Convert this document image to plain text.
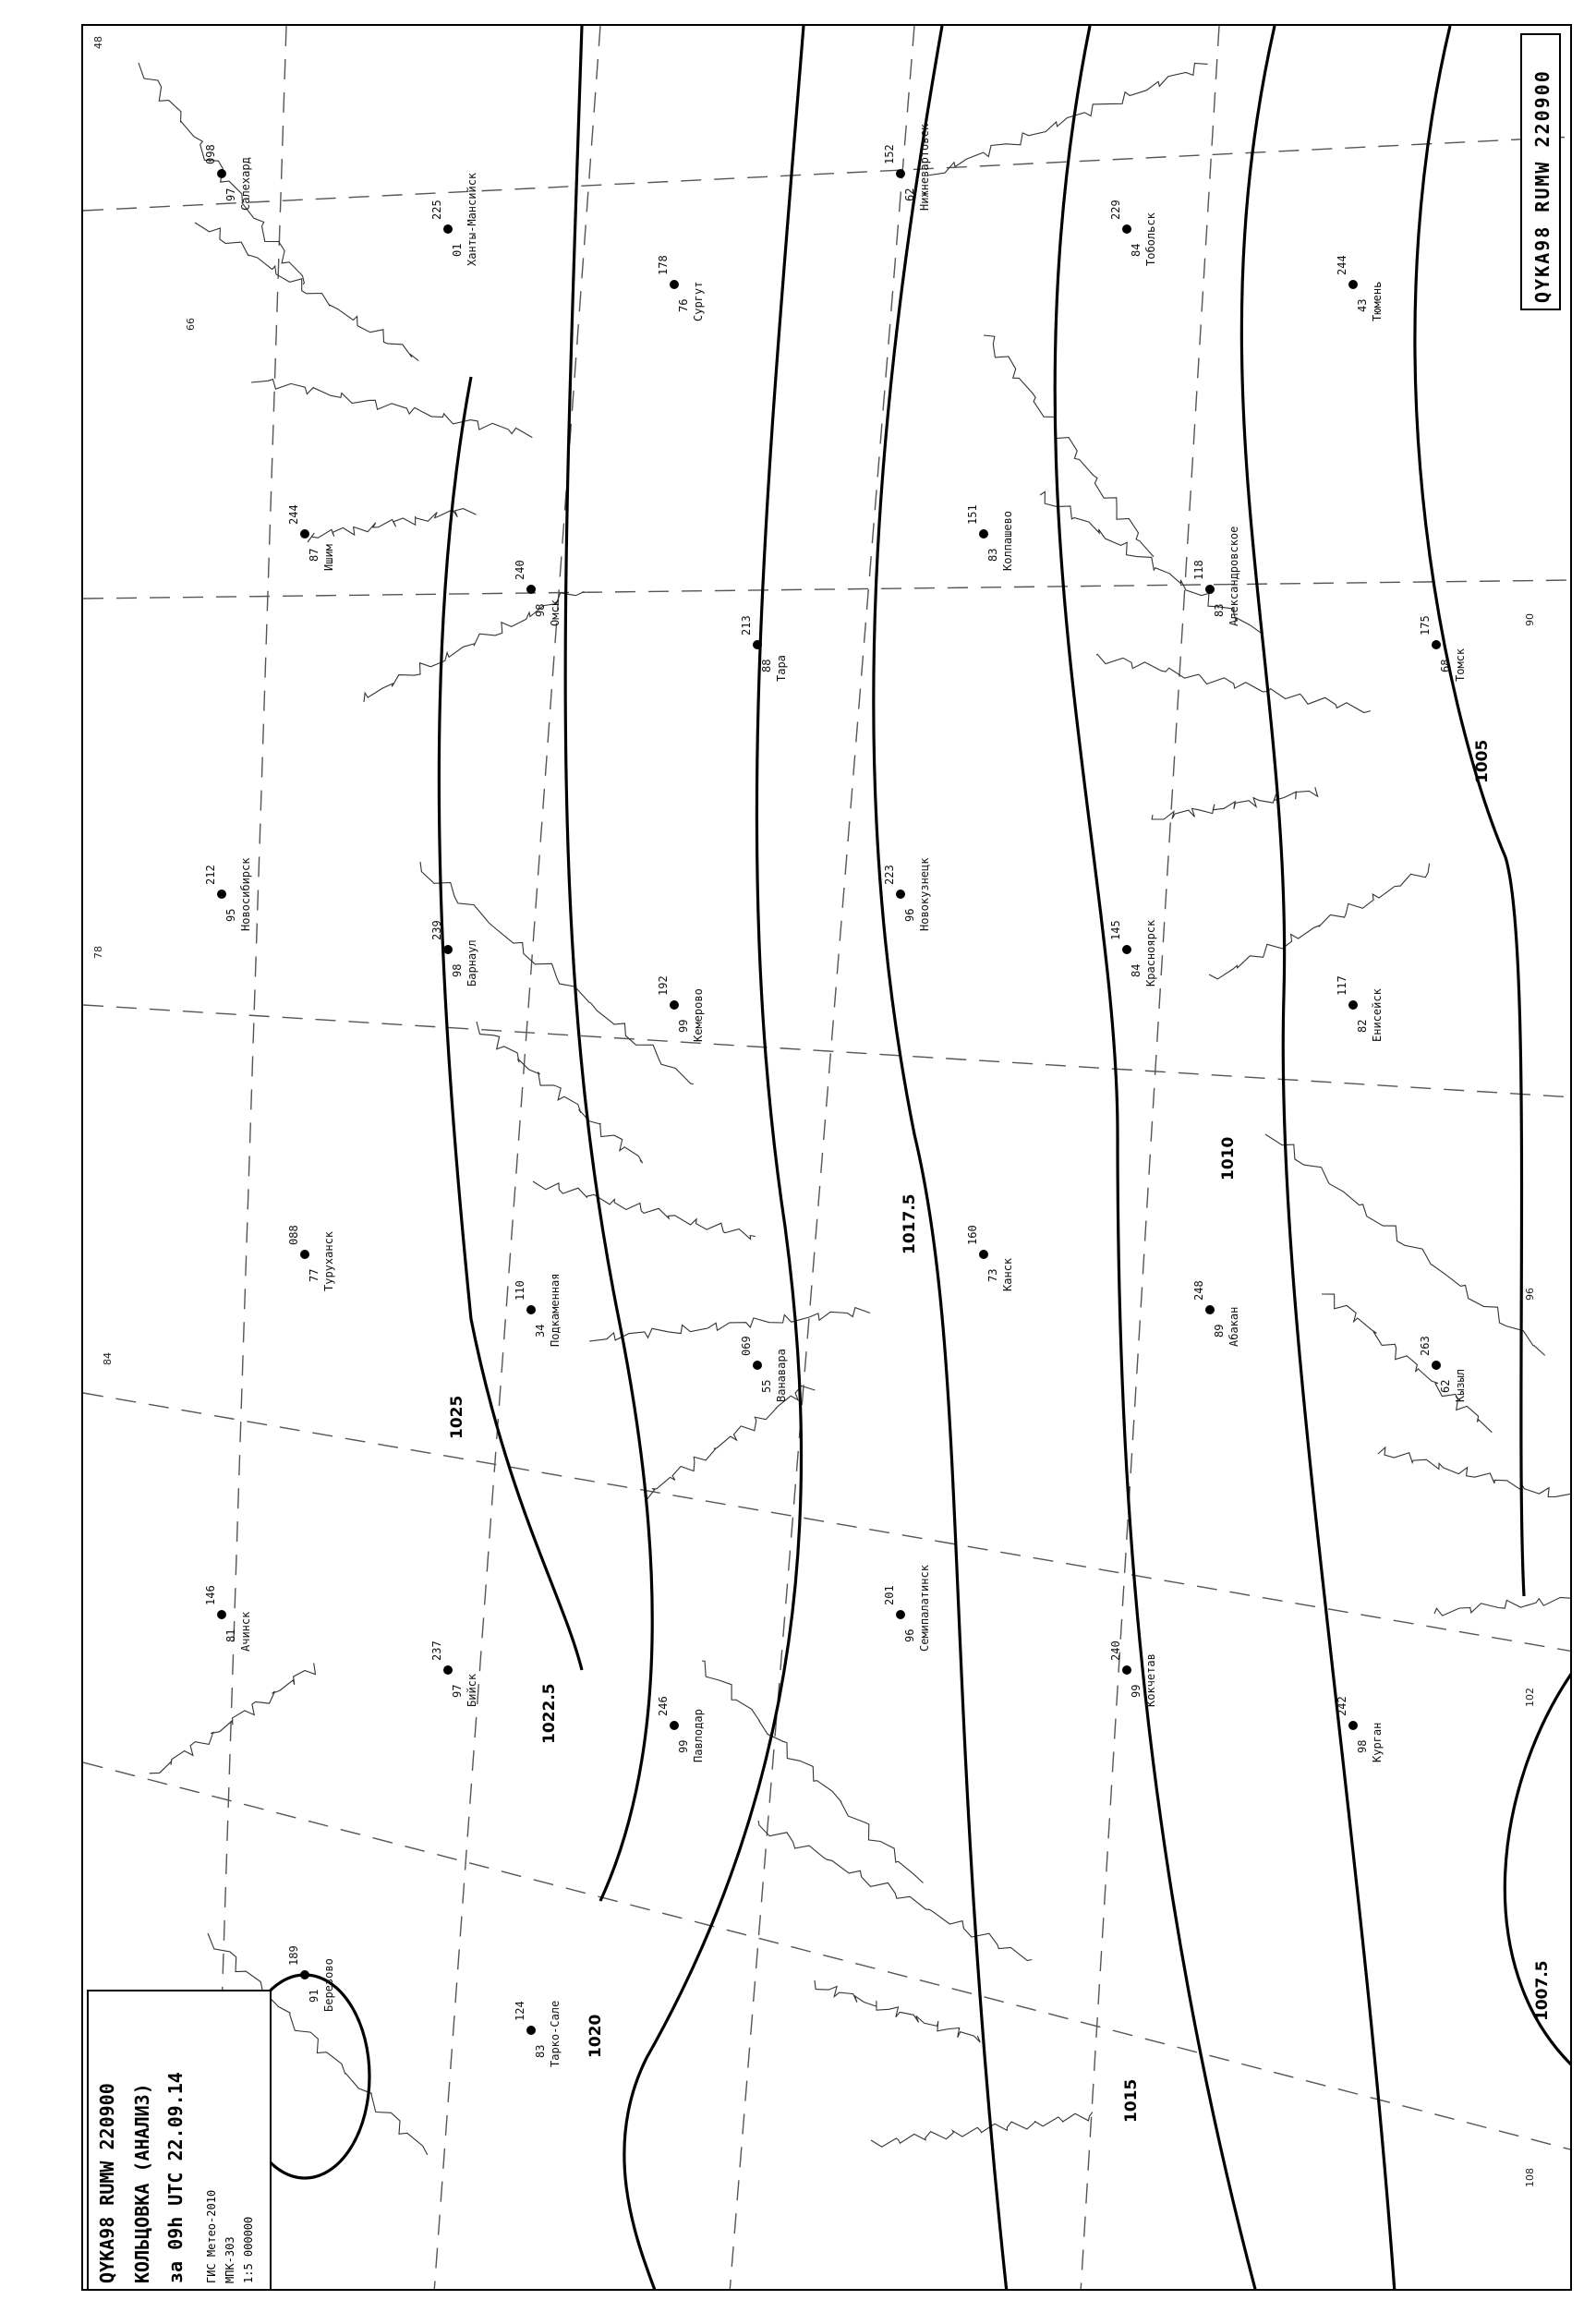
48
66
78
84
90
96
102
108
1005
1007.5
1010
1015
1017.5
1020
1022.5
1025
098
97 Салехард	225
01 Ханты-Мансийск	178
76 Сургут
152
62 Нижневартовск	229
84 Тобольск	244
43 Тюмень
244
87 Ишим	240
98 Омск	213
88 Тара
151
83 Колпашево	118
83 Александровское	175
68 Томск
212
95 Новосибирск	239
98 Барнаул	192
99 Кемерово
223
96 Новокузнецк	145
84 Красноярск	117
82 Енисейск
088
77 Туруханск	110
34 Подкаменная	069
55 Ванавара
160
73 Канск	248
89 Абакан	263
62 Кызыл
146
81 Ачинск	237
97 Бийск	246
99 Павлодар
201
96 Семипалатинск	240
99 Кокчетав	242
98 Курган
189
91 Березово	124
83 Тарко-Сале
QYKA98 RUMW 220900
QYKA98 RUMW 220900 КОЛЬЦОВКА (АНАЛИЗ) за 09h UTC 22.09.14 ГИС Метео-2010 МПК-303 1:5 000000
